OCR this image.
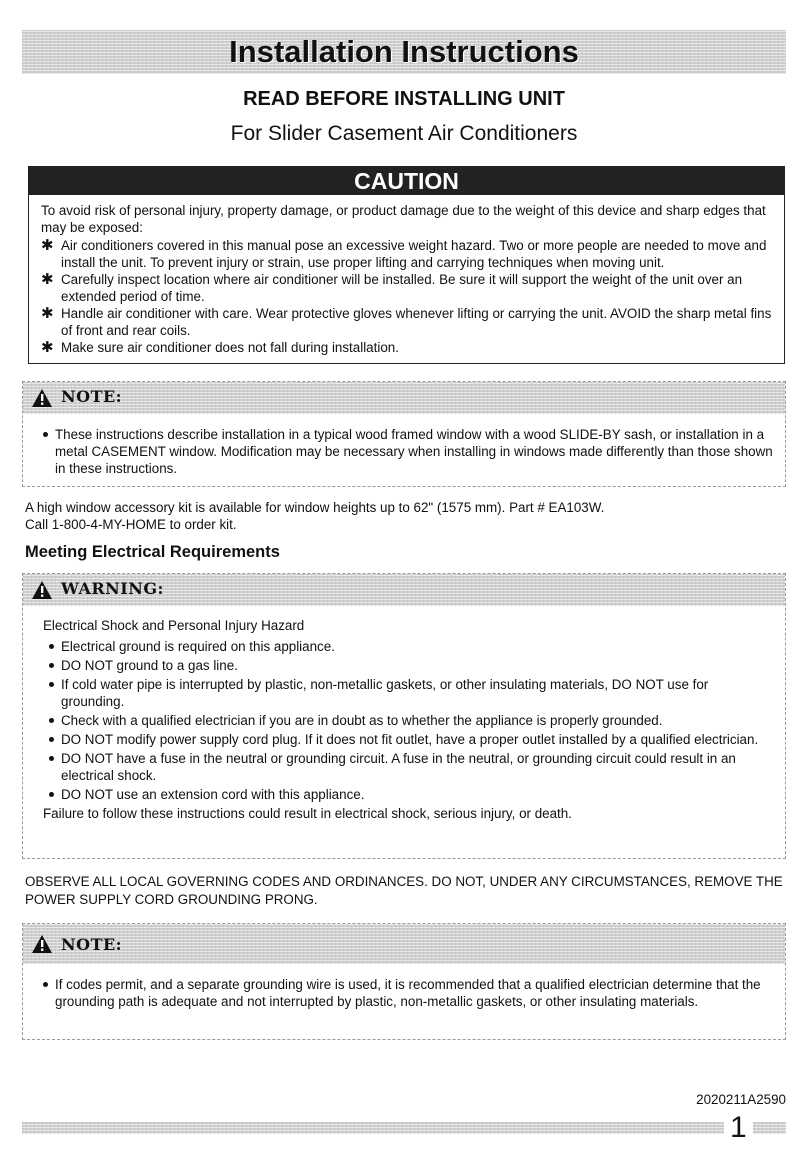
Installation Instructions
READ BEFORE INSTALLING UNIT
For Slider Casement Air Conditioners
CAUTION
To avoid risk of personal injury, property damage, or product damage due to the weight of this device and sharp edges that may be exposed:
✱ Air conditioners covered in this manual pose an excessive weight hazard. Two or more people are needed to move and install the unit. To prevent injury or strain, use proper lifting and carrying techniques when moving unit.
✱ Carefully inspect location where air conditioner will be installed. Be sure it will support the weight of the unit over an extended period of time.
✱ Handle air conditioner with care. Wear protective gloves whenever lifting or carrying the unit. AVOID the sharp metal fins of front and rear coils.
✱ Make sure air conditioner does not fall during installation.
NOTE:
These instructions describe installation in a typical wood framed window with a wood SLIDE-BY sash, or installation in a metal CASEMENT window. Modification may be necessary when installing in windows made differently than those shown in these instructions.
A high window accessory kit is available for window heights up to 62" (1575 mm). Part # EA103W.
Call 1-800-4-MY-HOME to order kit.
Meeting Electrical Requirements
WARNING:
Electrical Shock and Personal Injury Hazard
Electrical ground is required on this appliance.
DO NOT ground to a gas line.
If cold water pipe is interrupted by plastic, non-metallic gaskets, or other insulating materials, DO NOT use for grounding.
Check with a qualified electrician if you are in doubt as to whether the appliance is properly grounded.
DO NOT modify power supply cord plug. If it does not fit outlet, have a proper outlet installed by a qualified electrician.
DO NOT have a fuse in the neutral or grounding circuit. A fuse in the neutral, or grounding circuit could result in an electrical shock.
DO NOT use an extension cord with this appliance.
Failure to follow these instructions could result in electrical shock, serious injury, or death.
OBSERVE ALL LOCAL GOVERNING CODES AND ORDINANCES. DO NOT, UNDER ANY CIRCUMSTANCES, REMOVE THE POWER SUPPLY CORD GROUNDING PRONG.
NOTE:
If codes permit, and a separate grounding wire is used, it is recommended that a qualified electrician determine that the grounding path is adequate and not interrupted by plastic, non-metallic gaskets, or other insulating materials.
2020211A2590
1
